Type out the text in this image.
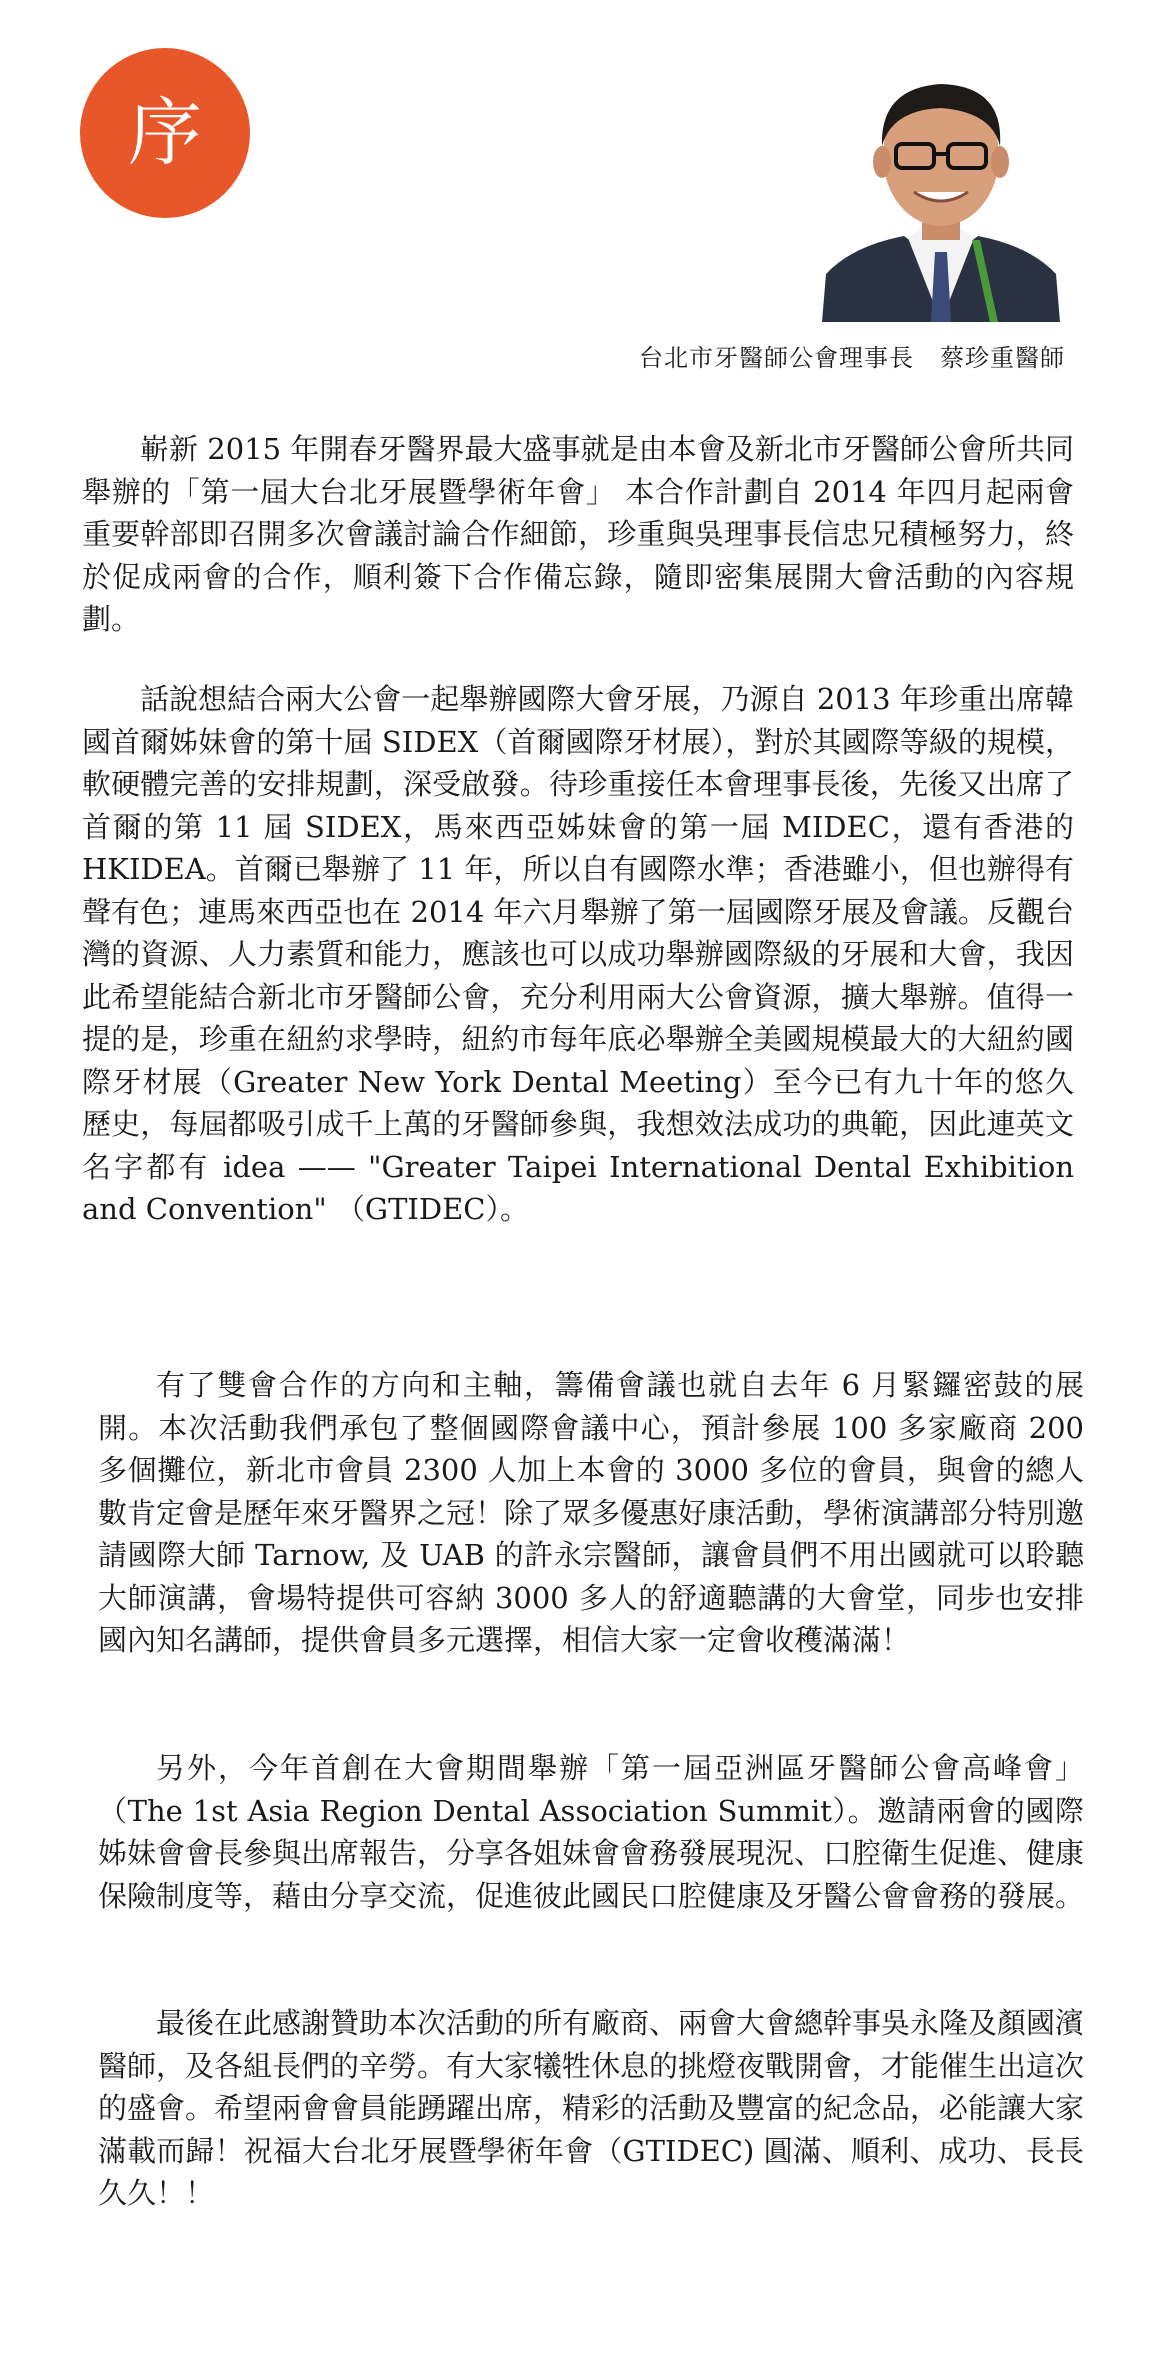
序
台北市牙醫師公會理事長 蔡珍重醫師

嶄新 2015 年開春牙醫界最大盛事就是由本會及新北市牙醫師公會所共同舉辦的「第一屆大台北牙展暨學術年會」 本合作計劃自 2014 年四月起兩會重要幹部即召開多次會議討論合作細節，珍重與吳理事長信忠兄積極努力，終於促成兩會的合作，順利簽下合作備忘錄，隨即密集展開大會活動的內容規劃。

話說想結合兩大公會一起舉辦國際大會牙展，乃源自 2013 年珍重出席韓國首爾姊妹會的第十屆 SIDEX（首爾國際牙材展），對於其國際等級的規模，軟硬體完善的安排規劃，深受啟發。待珍重接任本會理事長後，先後又出席了首爾的第 11 屆 SIDEX，馬來西亞姊妹會的第一屆 MIDEC，還有香港的 HKIDEA。首爾已舉辦了 11 年，所以自有國際水準；香港雖小，但也辦得有聲有色；連馬來西亞也在 2014 年六月舉辦了第一屆國際牙展及會議。反觀台灣的資源、人力素質和能力，應該也可以成功舉辦國際級的牙展和大會，我因此希望能結合新北市牙醫師公會，充分利用兩大公會資源，擴大舉辦。值得一提的是，珍重在紐約求學時，紐約市每年底必舉辦全美國規模最大的大紐約國際牙材展（Greater New York Dental Meeting）至今已有九十年的悠久歷史，每屆都吸引成千上萬的牙醫師參與，我想效法成功的典範，因此連英文名字都有 idea —— "Greater Taipei International Dental Exhibition and Convention" （GTIDEC）。

有了雙會合作的方向和主軸，籌備會議也就自去年 6 月緊鑼密鼓的展開。本次活動我們承包了整個國際會議中心，預計參展 100 多家廠商 200 多個攤位，新北市會員 2300 人加上本會的 3000 多位的會員，與會的總人數肯定會是歷年來牙醫界之冠！除了眾多優惠好康活動，學術演講部分特別邀請國際大師 Tarnow, 及 UAB 的許永宗醫師，讓會員們不用出國就可以聆聽大師演講，會場特提供可容納 3000 多人的舒適聽講的大會堂，同步也安排國內知名講師，提供會員多元選擇，相信大家一定會收穫滿滿！

另外，今年首創在大會期間舉辦「第一屆亞洲區牙醫師公會高峰會」（The 1st Asia Region Dental Association Summit）。邀請兩會的國際姊妹會會長參與出席報告，分享各姐妹會會務發展現況、口腔衛生促進、健康保險制度等，藉由分享交流，促進彼此國民口腔健康及牙醫公會會務的發展。

最後在此感謝贊助本次活動的所有廠商、兩會大會總幹事吳永隆及顏國濱醫師，及各組長們的辛勞。有大家犧牲休息的挑燈夜戰開會，才能催生出這次的盛會。希望兩會會員能踴躍出席，精彩的活動及豐富的紀念品，必能讓大家滿載而歸！祝福大台北牙展暨學術年會（GTIDEC) 圓滿、順利、成功、長長久久！！
